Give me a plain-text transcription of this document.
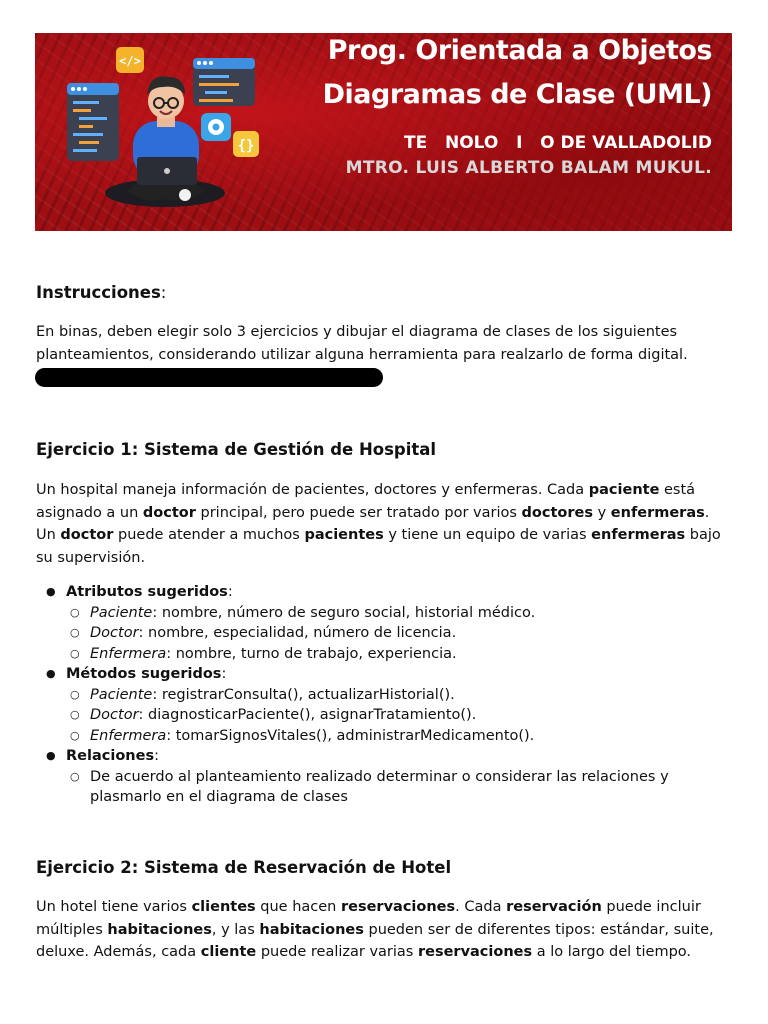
</>
{}
Prog. Orientada a Objetos
Diagramas de Clase (UML)
TE   NOLO   I   O DE VALLADOLID
MTRO. LUIS ALBERTO BALAM MUKUL.
Instrucciones:
En binas, deben elegir solo 3 ejercicios y dibujar el diagrama de clases de los siguientes planteamientos, considerando utilizar alguna herramienta para realzarlo de forma digital.
Ejercicio 1: Sistema de Gestión de Hospital
Un hospital maneja información de pacientes, doctores y enfermeras. Cada paciente está asignado a un doctor principal, pero puede ser tratado por varios doctores y enfermeras. Un doctor puede atender a muchos pacientes y tiene un equipo de varias enfermeras bajo su supervisión.
● Atributos sugeridos:
○ Paciente: nombre, número de seguro social, historial médico.
○ Doctor: nombre, especialidad, número de licencia.
○ Enfermera: nombre, turno de trabajo, experiencia.
● Métodos sugeridos:
○ Paciente: registrarConsulta(), actualizarHistorial().
○ Doctor: diagnosticarPaciente(), asignarTratamiento().
○ Enfermera: tomarSignosVitales(), administrarMedicamento().
● Relaciones:
○ De acuerdo al planteamiento realizado determinar o considerar las relaciones y plasmarlo en el diagrama de clases
Ejercicio 2: Sistema de Reservación de Hotel
Un hotel tiene varios clientes que hacen reservaciones. Cada reservación puede incluir múltiples habitaciones, y las habitaciones pueden ser de diferentes tipos: estándar, suite, deluxe. Además, cada cliente puede realizar varias reservaciones a lo largo del tiempo.
